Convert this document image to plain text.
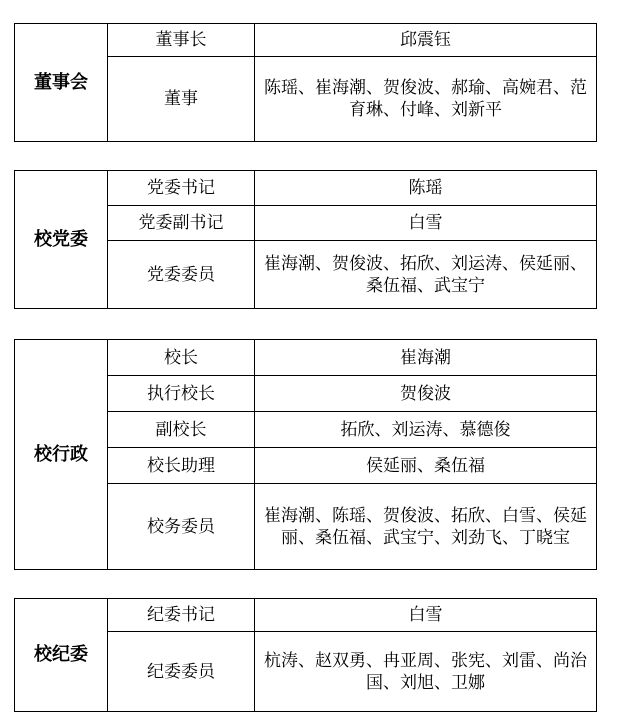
董事会	董事长	邱震钰
	董事	陈瑶、崔海潮、贺俊波、郝瑜、高婉君、范育琳、付峰、刘新平
校党委	党委书记	陈瑶
	党委副书记	白雪
	党委委员	崔海潮、贺俊波、拓欣、刘运涛、侯延丽、桑伍福、武宝宁
校行政	校长	崔海潮
	执行校长	贺俊波
	副校长	拓欣、刘运涛、慕德俊
	校长助理	侯延丽、桑伍福
	校务委员	崔海潮、陈瑶、贺俊波、拓欣、白雪、侯延丽、桑伍福、武宝宁、刘劲飞、丁晓宝
校纪委	纪委书记	白雪
	纪委委员	杭涛、赵双勇、冉亚周、张宪、刘雷、尚治国、刘旭、卫娜
